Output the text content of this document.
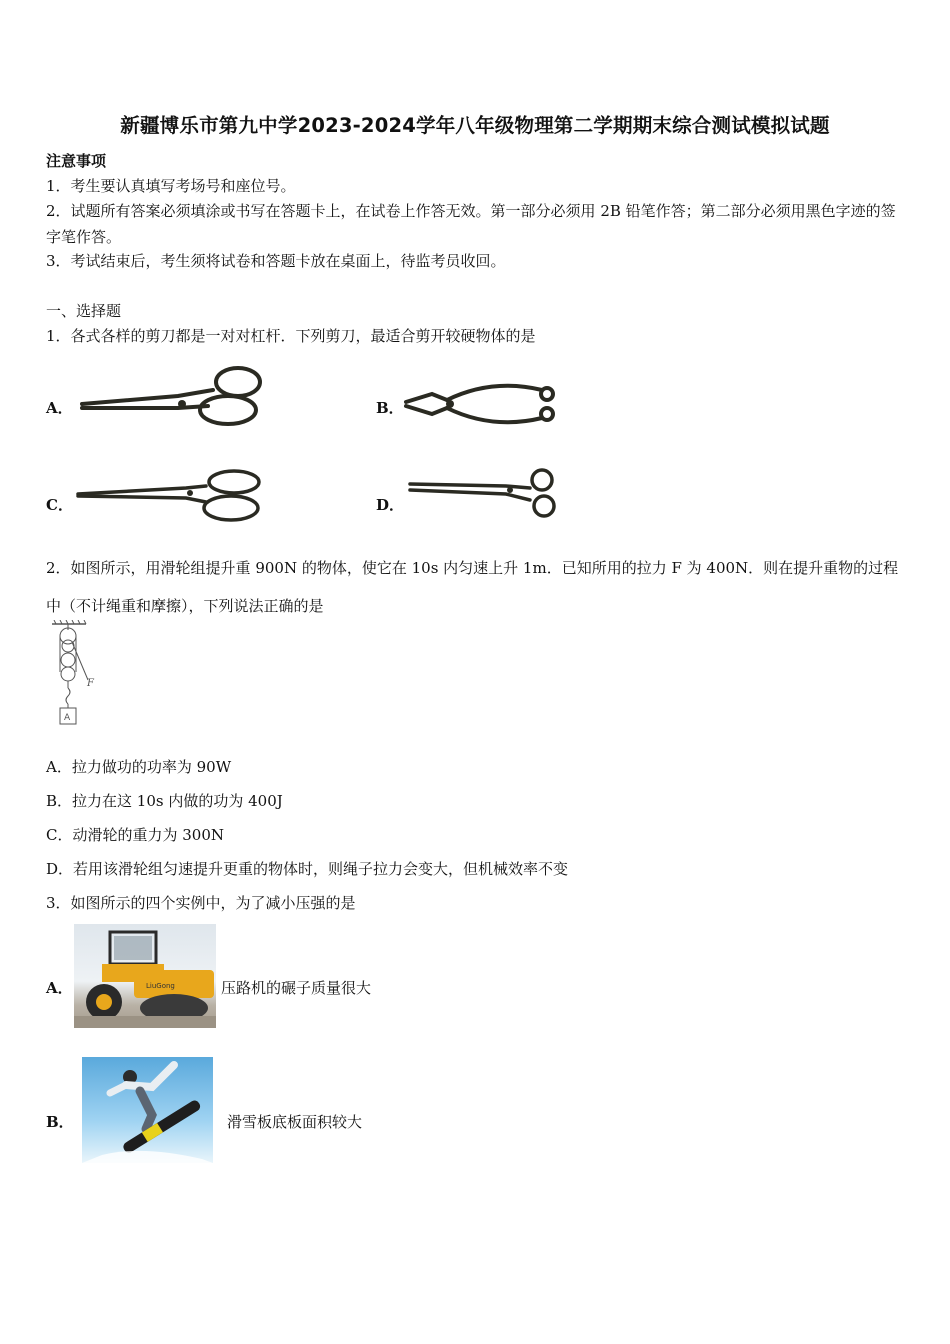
新疆博乐市第九中学2023-2024学年八年级物理第二学期期末综合测试模拟试题
注意事项
1．考生要认真填写考场号和座位号。
2．试题所有答案必须填涂或书写在答题卡上，在试卷上作答无效。第一部分必须用 2B 铅笔作答；第二部分必须用黑色字迹的签字笔作答。
3．考试结束后，考生须将试卷和答题卡放在桌面上，待监考员收回。
一、选择题
1．各式各样的剪刀都是一对对杠杆．下列剪刀，最适合剪开较硬物体的是
A．	B．
C．	D．
2．如图所示，用滑轮组提升重 900N 的物体，使它在 10s 内匀速上升 1m．已知所用的拉力 F 为 400N．则在提升重物的过程中（不计绳重和摩擦），下列说法正确的是
F
A
A．拉力做功的功率为 90W
B．拉力在这 10s 内做的功为 400J
C．动滑轮的重力为 300N
D．若用该滑轮组匀速提升更重的物体时，则绳子拉力会变大，但机械效率不变
3．如图所示的四个实例中，为了减小压强的是
A．	LiuGong	压路机的碾子质量很大
B．	滑雪板底板面积较大
